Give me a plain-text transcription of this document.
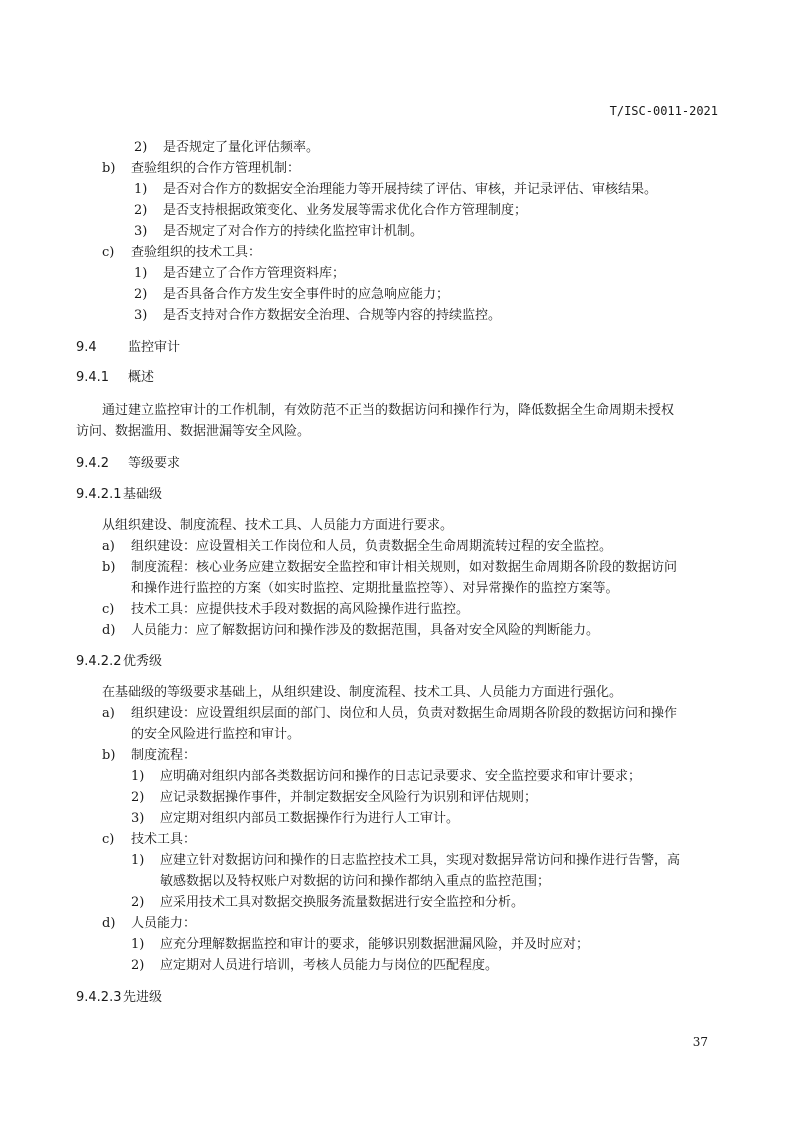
T/ISC-0011-2021
2) 是否规定了量化评估频率。
b) 查验组织的合作方管理机制：
1) 是否对合作方的数据安全治理能力等开展持续了评估、审核，并记录评估、审核结果。
2) 是否支持根据政策变化、业务发展等需求优化合作方管理制度；
3) 是否规定了对合作方的持续化监控审计机制。
c) 查验组织的技术工具：
1) 是否建立了合作方管理资料库；
2) 是否具备合作方发生安全事件时的应急响应能力；
3) 是否支持对合作方数据安全治理、合规等内容的持续监控。
9.4 监控审计
9.4.1 概述
通过建立监控审计的工作机制，有效防范不正当的数据访问和操作行为，降低数据全生命周期未授权
访问、数据滥用、数据泄漏等安全风险。
9.4.2 等级要求
9.4.2.1 基础级
从组织建设、制度流程、技术工具、人员能力方面进行要求。
a) 组织建设：应设置相关工作岗位和人员，负责数据全生命周期流转过程的安全监控。
b) 制度流程：核心业务应建立数据安全监控和审计相关规则，如对数据生命周期各阶段的数据访问
和操作进行监控的方案（如实时监控、定期批量监控等）、对异常操作的监控方案等。
c) 技术工具：应提供技术手段对数据的高风险操作进行监控。
d) 人员能力：应了解数据访问和操作涉及的数据范围，具备对安全风险的判断能力。
9.4.2.2 优秀级
在基础级的等级要求基础上，从组织建设、制度流程、技术工具、人员能力方面进行强化。
a) 组织建设：应设置组织层面的部门、岗位和人员，负责对数据生命周期各阶段的数据访问和操作
的安全风险进行监控和审计。
b) 制度流程：
1) 应明确对组织内部各类数据访问和操作的日志记录要求、安全监控要求和审计要求；
2) 应记录数据操作事件，并制定数据安全风险行为识别和评估规则；
3) 应定期对组织内部员工数据操作行为进行人工审计。
c) 技术工具：
1) 应建立针对数据访问和操作的日志监控技术工具，实现对数据异常访问和操作进行告警，高
敏感数据以及特权账户对数据的访问和操作都纳入重点的监控范围；
2) 应采用技术工具对数据交换服务流量数据进行安全监控和分析。
d) 人员能力：
1) 应充分理解数据监控和审计的要求，能够识别数据泄漏风险，并及时应对；
2) 应定期对人员进行培训，考核人员能力与岗位的匹配程度。
9.4.2.3 先进级
37
